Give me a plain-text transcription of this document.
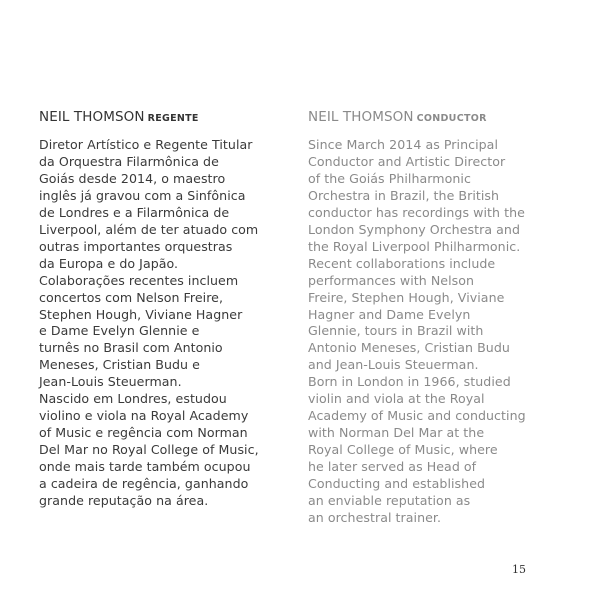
NEIL THOMSON REGENTE
Diretor Artístico e Regente Titular
da Orquestra Filarmônica de
Goiás desde 2014, o maestro
inglês já gravou com a Sinfônica
de Londres e a Filarmônica de
Liverpool, além de ter atuado com
outras importantes orquestras
da Europa e do Japão.
Colaborações recentes incluem
concertos com Nelson Freire,
Stephen Hough, Viviane Hagner
e Dame Evelyn Glennie e
turnês no Brasil com Antonio
Meneses, Cristian Budu e
Jean-Louis Steuerman.
Nascido em Londres, estudou
violino e viola na Royal Academy
of Music e regência com Norman
Del Mar no Royal College of Music,
onde mais tarde também ocupou
a cadeira de regência, ganhando
grande reputação na área.
NEIL THOMSON CONDUCTOR
Since March 2014 as Principal
Conductor and Artistic Director
of the Goiás Philharmonic
Orchestra in Brazil, the British
conductor has recordings with the
London Symphony Orchestra and
the Royal Liverpool Philharmonic.
Recent collaborations include
performances with Nelson
Freire, Stephen Hough, Viviane
Hagner and Dame Evelyn
Glennie, tours in Brazil with
Antonio Meneses, Cristian Budu
and Jean-Louis Steuerman.
Born in London in 1966, studied
violin and viola at the Royal
Academy of Music and conducting
with Norman Del Mar at the
Royal College of Music, where
he later served as Head of
Conducting and established
an enviable reputation as
an orchestral trainer.
15
